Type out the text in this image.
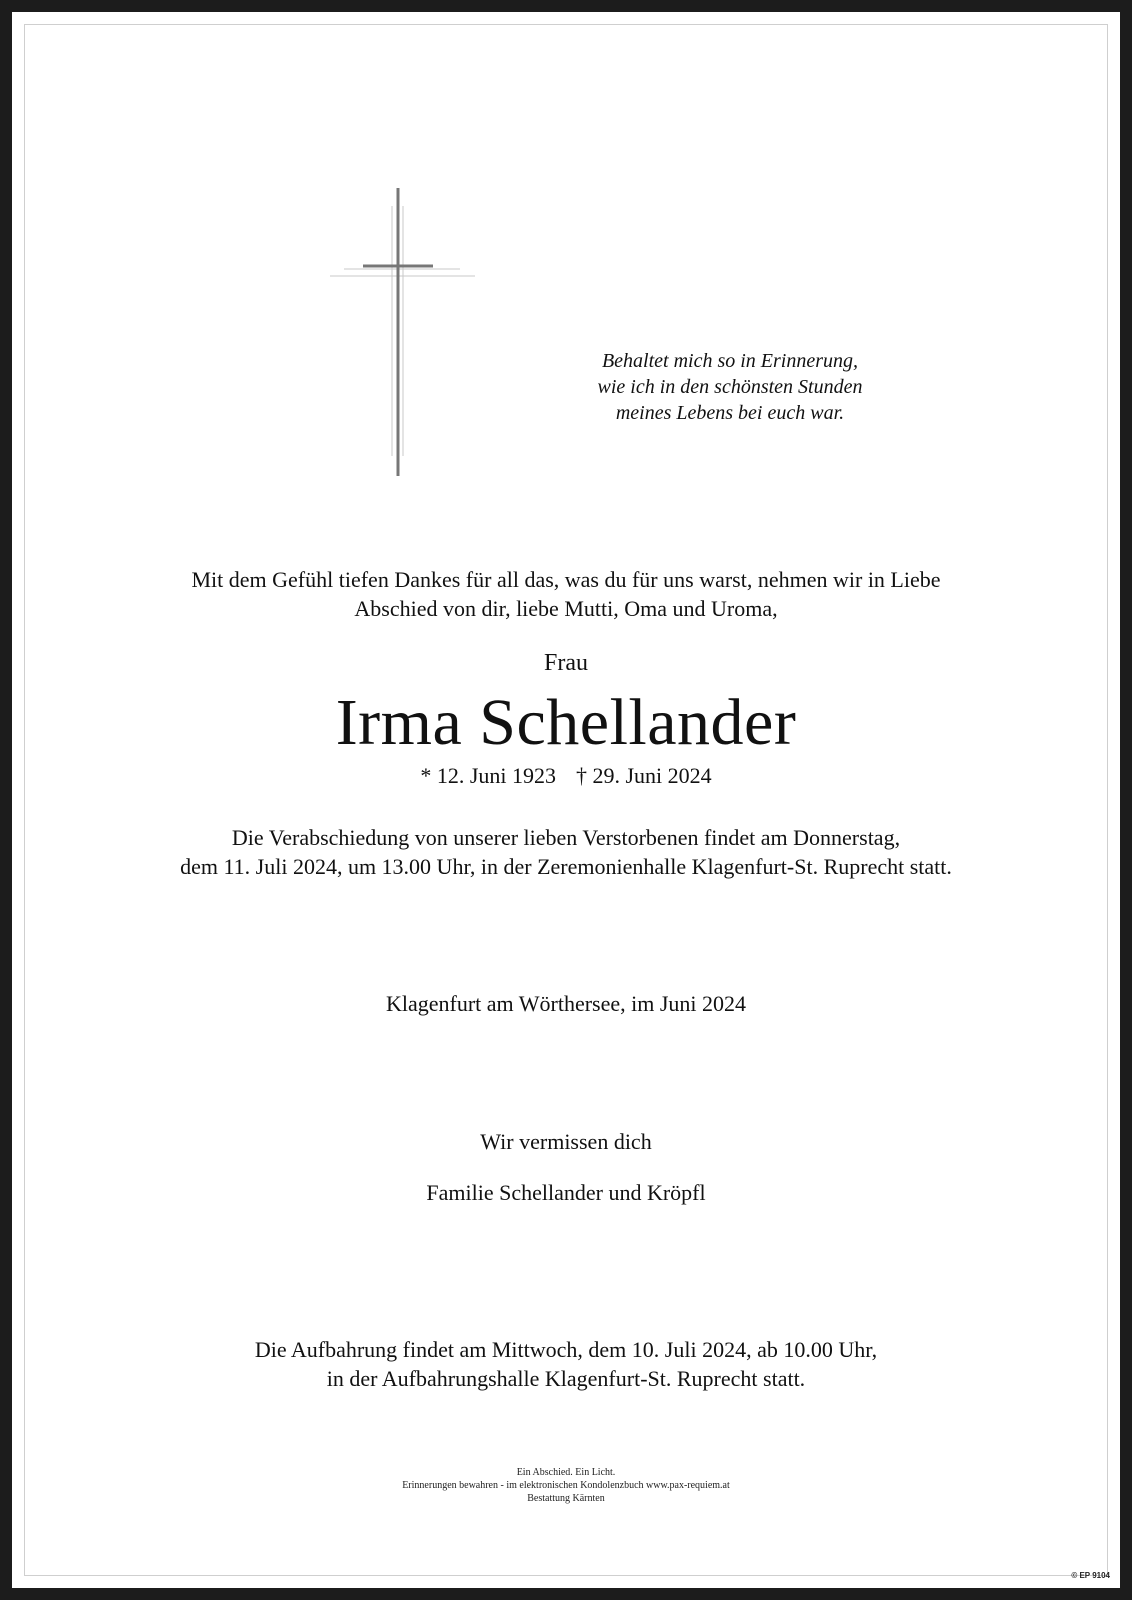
Behaltet mich so in Erinnerung,
wie ich in den schönsten Stunden
meines Lebens bei euch war.
Mit dem Gefühl tiefen Dankes für all das, was du für uns warst, nehmen wir in Liebe
Abschied von dir, liebe Mutti, Oma und Uroma,
Frau
Irma Schellander
* 12. Juni 1923 † 29. Juni 2024
Die Verabschiedung von unserer lieben Verstorbenen findet am Donnerstag,
dem 11. Juli 2024, um 13.00 Uhr, in der Zeremonienhalle Klagenfurt-St. Ruprecht statt.
Klagenfurt am Wörthersee, im Juni 2024
Wir vermissen dich
Familie Schellander und Kröpfl
Die Aufbahrung findet am Mittwoch, dem 10. Juli 2024, ab 10.00 Uhr,
in der Aufbahrungshalle Klagenfurt-St. Ruprecht statt.
Ein Abschied. Ein Licht.
Erinnerungen bewahren - im elektronischen Kondolenzbuch www.pax-requiem.at
Bestattung Kärnten
© EP 9104
